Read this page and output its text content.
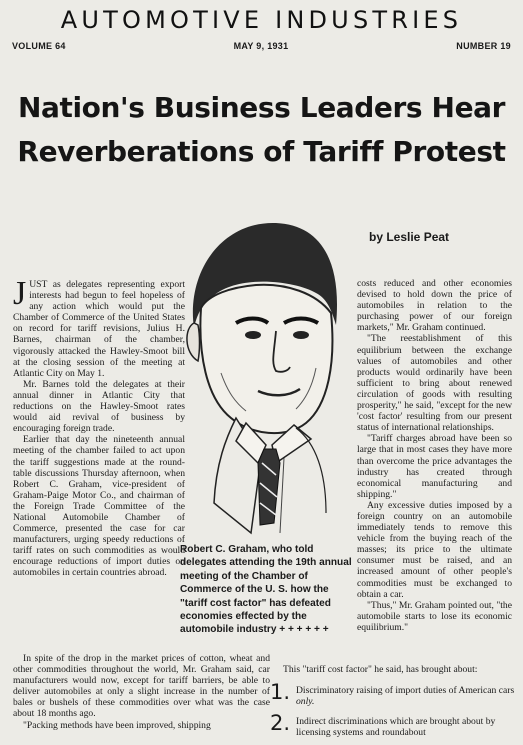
AUTOMOTIVE INDUSTRIES
VOLUME 64	MAY 9, 1931	NUMBER 19
Nation's Business Leaders Hear
Reverberations of Tariff Protest
by Leslie Peat
Robert C. Graham, who told delegates attending the 19th annual meeting of the Chamber of Commerce of the U. S. how the "tariff cost factor" has defeated economies effected by the automobile industry + + + + + +

JUST as delegates representing export interests had begun to feel hopeless of any action which would put the Chamber of Commerce of the United States on record for tariff revisions, Julius H. Barnes, chairman of the chamber, vigorously attacked the Hawley-Smoot bill at the closing session of the meeting at Atlantic City on May 1.

Mr. Barnes told the delegates at their annual dinner in Atlantic City that reductions on the Hawley-Smoot rates would aid revival of business by encouraging foreign trade.

Earlier that day the nineteenth annual meeting of the chamber failed to act upon the tariff suggestions made at the round-table discussions Thursday afternoon, when Robert C. Graham, vice-president of Graham-Paige Motor Co., and chairman of the Foreign Trade Committee of the National Automobile Chamber of Commerce, presented the case for car manufacturers, urging speedy reductions of tariff rates on such commodities as would encourage reductions of import duties on automobiles in certain countries abroad.

costs reduced and other economies devised to hold down the price of automobiles in relation to the purchasing power of our foreign markets," Mr. Graham continued.

"The reestablishment of this equilibrium between the exchange values of automobiles and other products would ordinarily have been sufficient to bring about renewed circulation of goods with resulting prosperity," he said, "except for the new 'cost factor' resulting from our present status of international relationships.

"Tariff charges abroad have been so large that in most cases they have more than overcome the price advantages the industry has created through economical manufacturing and shipping."

Any excessive duties imposed by a foreign country on an automobile immediately tends to remove this vehicle from the buying reach of the masses; its price to the ultimate consumer must be raised, and an increased amount of other people's commodities must be exchanged to obtain a car.

"Thus," Mr. Graham pointed out, "the automobile starts to lose its economic equilibrium."

In spite of the drop in the market prices of cotton, wheat and other commodities throughout the world, Mr. Graham said, car manufacturers would now, except for tariff barriers, be able to deliver automobiles at only a slight increase in the number of bales or bushels of these commodities over what was the case about 18 months ago.

"Packing methods have been improved, shipping

This "tariff cost factor" he said, has brought about:
1. Discriminatory raising of import duties of American cars only.
2. Indirect discriminations which are brought about by licensing systems and roundabout
